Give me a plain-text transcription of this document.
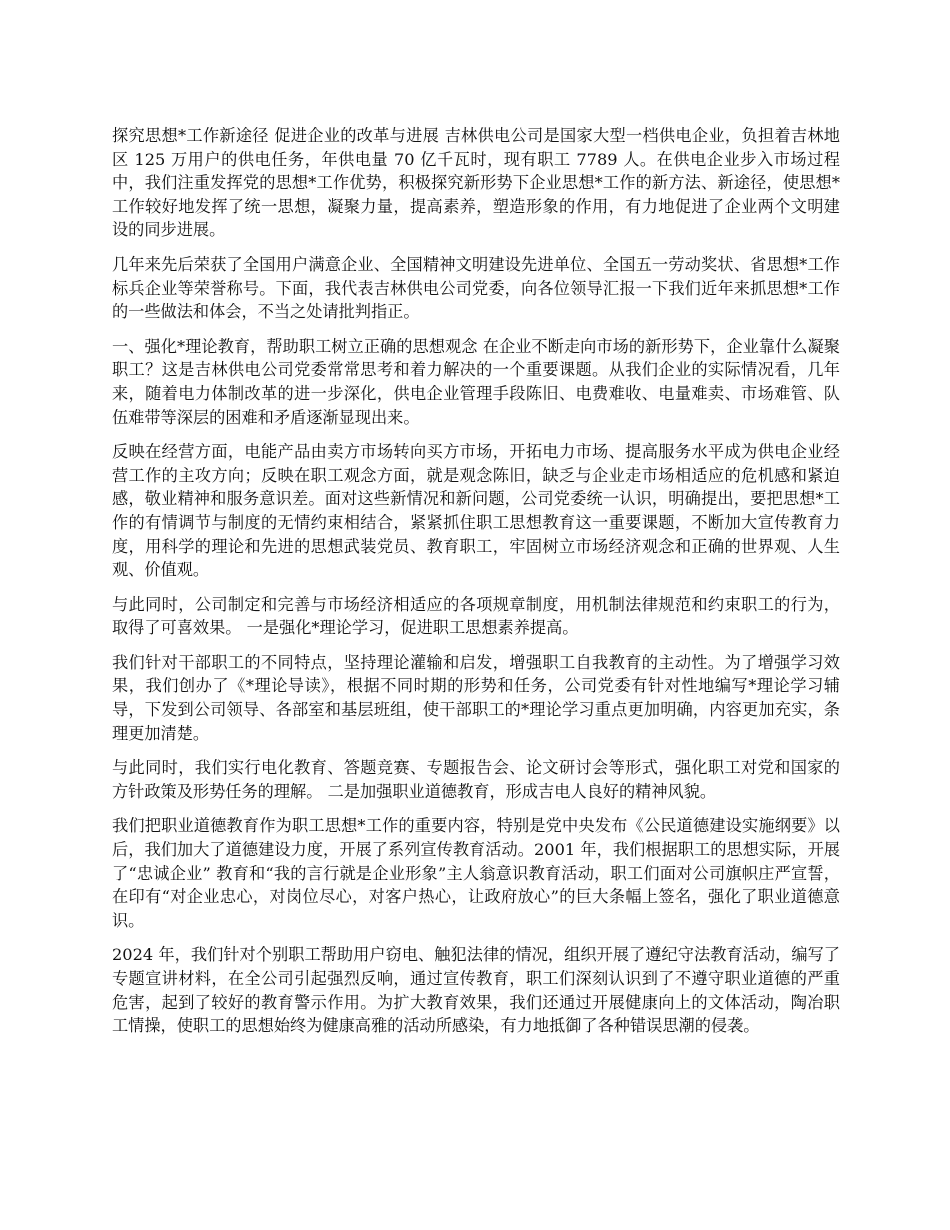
探究思想*工作新途径 促进企业的改革与进展 吉林供电公司是国家大型一档供电企业，负担着吉林地区 125 万用户的供电任务，年供电量 70 亿千瓦时，现有职工 7789 人。在供电企业步入市场过程中，我们注重发挥党的思想*工作优势，积极探究新形势下企业思想*工作的新方法、新途径，使思想*工作较好地发挥了统一思想，凝聚力量，提高素养，塑造形象的作用，有力地促进了企业两个文明建设的同步进展。

几年来先后荣获了全国用户满意企业、全国精神文明建设先进单位、全国五一劳动奖状、省思想*工作标兵企业等荣誉称号。下面，我代表吉林供电公司党委，向各位领导汇报一下我们近年来抓思想*工作的一些做法和体会，不当之处请批判指正。

一、强化*理论教育，帮助职工树立正确的思想观念 在企业不断走向市场的新形势下，企业靠什么凝聚职工？这是吉林供电公司党委常常思考和着力解决的一个重要课题。从我们企业的实际情况看，几年来，随着电力体制改革的进一步深化，供电企业管理手段陈旧、电费难收、电量难卖、市场难管、队伍难带等深层的困难和矛盾逐渐显现出来。

反映在经营方面，电能产品由卖方市场转向买方市场，开拓电力市场、提高服务水平成为供电企业经营工作的主攻方向；反映在职工观念方面，就是观念陈旧，缺乏与企业走市场相适应的危机感和紧迫感，敬业精神和服务意识差。面对这些新情况和新问题，公司党委统一认识，明确提出，要把思想*工作的有情调节与制度的无情约束相结合，紧紧抓住职工思想教育这一重要课题，不断加大宣传教育力度，用科学的理论和先进的思想武装党员、教育职工，牢固树立市场经济观念和正确的世界观、人生观、价值观。

与此同时，公司制定和完善与市场经济相适应的各项规章制度，用机制法律规范和约束职工的行为，取得了可喜效果。 一是强化*理论学习，促进职工思想素养提高。

我们针对干部职工的不同特点，坚持理论灌输和启发，增强职工自我教育的主动性。为了增强学习效果，我们创办了《*理论导读》，根据不同时期的形势和任务，公司党委有针对性地编写*理论学习辅导，下发到公司领导、各部室和基层班组，使干部职工的*理论学习重点更加明确，内容更加充实，条理更加清楚。

与此同时，我们实行电化教育、答题竞赛、专题报告会、论文研讨会等形式，强化职工对党和国家的方针政策及形势任务的理解。 二是加强职业道德教育，形成吉电人良好的精神风貌。

我们把职业道德教育作为职工思想*工作的重要内容，特别是党中央发布《公民道德建设实施纲要》以后，我们加大了道德建设力度，开展了系列宣传教育活动。2001 年，我们根据职工的思想实际，开展了“忠诚企业” 教育和“我的言行就是企业形象”主人翁意识教育活动，职工们面对公司旗帜庄严宣誓，在印有“对企业忠心，对岗位尽心，对客户热心，让政府放心”的巨大条幅上签名，强化了职业道德意识。

2024 年，我们针对个别职工帮助用户窃电、触犯法律的情况，组织开展了遵纪守法教育活动，编写了专题宣讲材料，在全公司引起强烈反响，通过宣传教育，职工们深刻认识到了不遵守职业道德的严重危害，起到了较好的教育警示作用。为扩大教育效果，我们还通过开展健康向上的文体活动，陶冶职工情操，使职工的思想始终为健康高雅的活动所感染，有力地抵御了各种错误思潮的侵袭。
